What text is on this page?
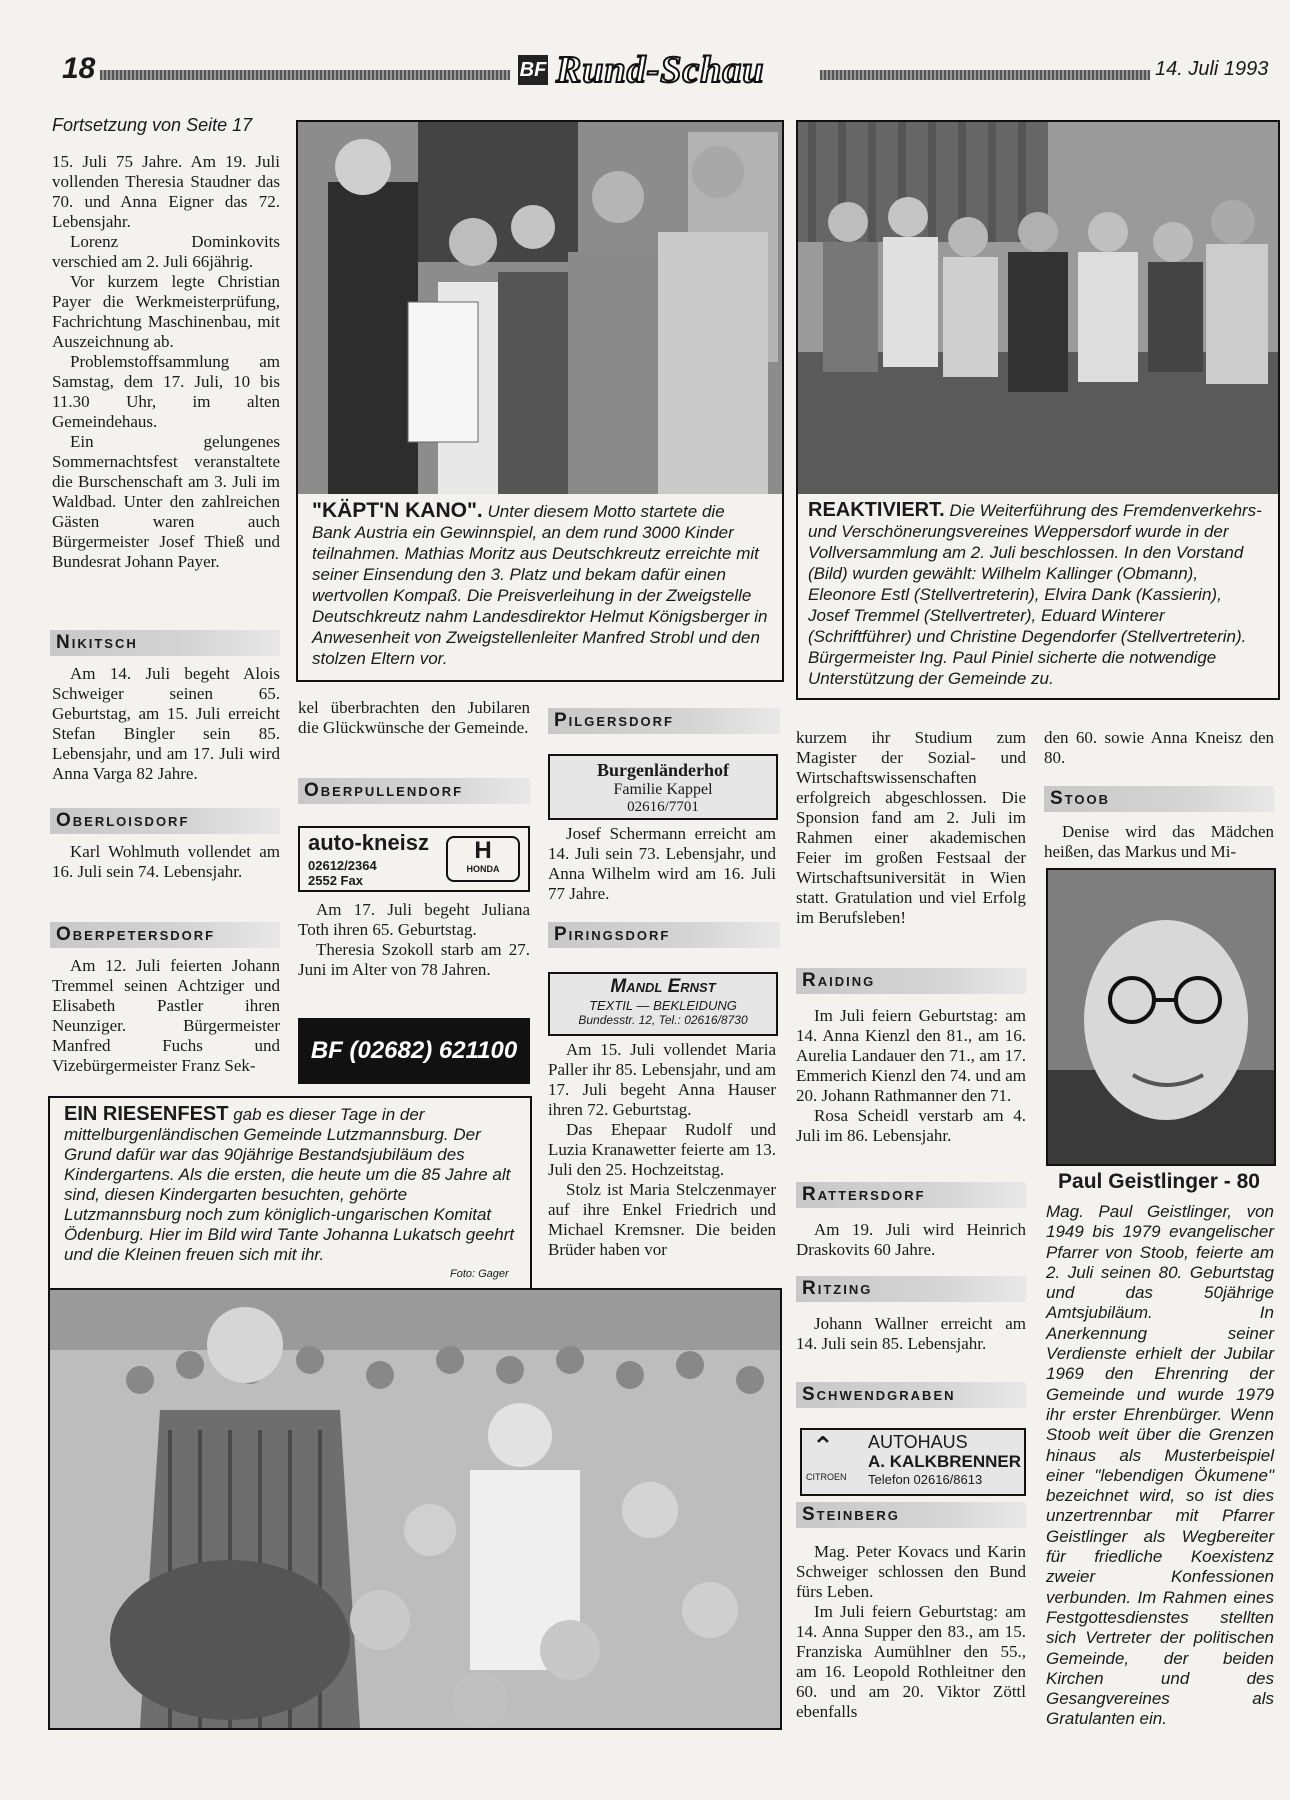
18	BF Rund-Schau	14. Juli 1993
Fortsetzung von Seite 17

15. Juli 75 Jahre. Am 19. Juli vollenden Theresia Staudner das 70. und Anna Eigner das 72. Lebensjahr.

Lorenz Dominkovits verschied am 2. Juli 66jährig.

Vor kurzem legte Christian Payer die Werkmeisterprüfung, Fachrichtung Maschinenbau, mit Auszeichnung ab.

Problemstoffsammlung am Samstag, dem 17. Juli, 10 bis 11.30 Uhr, im alten Gemeindehaus.

Ein gelungenes Sommernachtsfest veranstaltete die Burschenschaft am 3. Juli im Waldbad. Unter den zahlreichen Gästen waren auch Bürgermeister Josef Thieß und Bundesrat Johann Payer.

Nikitsch

Am 14. Juli begeht Alois Schweiger seinen 65. Geburtstag, am 15. Juli erreicht Stefan Bingler sein 85. Lebensjahr, und am 17. Juli wird Anna Varga 82 Jahre.

Oberloisdorf

Karl Wohlmuth vollendet am 16. Juli sein 74. Lebensjahr.

Oberpetersdorf

Am 12. Juli feierten Johann Tremmel seinen Achtziger und Elisabeth Pastler ihren Neunziger. Bürgermeister Manfred Fuchs und Vizebürgermeister Franz Sek-

"KÄPT'N KANO". Unter diesem Motto startete die Bank Austria ein Gewinnspiel, an dem rund 3000 Kinder teilnahmen. Mathias Moritz aus Deutschkreutz erreichte mit seiner Einsendung den 3. Platz und bekam dafür einen wertvollen Kompaß. Die Preisverleihung in der Zweigstelle Deutschkreutz nahm Landesdirektor Helmut Königsberger in Anwesenheit von Zweigstellenleiter Manfred Strobl und den stolzen Eltern vor.
REAKTIVIERT. Die Weiterführung des Fremdenverkehrs- und Verschönerungsvereines Weppersdorf wurde in der Vollversammlung am 2. Juli beschlossen. In den Vorstand (Bild) wurden gewählt: Wilhelm Kallinger (Obmann), Eleonore Estl (Stellvertreterin), Elvira Dank (Kassierin), Josef Tremmel (Stellvertreter), Eduard Winterer (Schriftführer) und Christine Degendorfer (Stellvertreterin). Bürgermeister Ing. Paul Piniel sicherte die notwendige Unterstützung der Gemeinde zu.

kel überbrachten den Jubilaren die Glückwünsche der Gemeinde.

Oberpullendorf
auto-kneisz
02612/2364
2552 Fax
H
HONDA

Am 17. Juli begeht Juliana Toth ihren 65. Geburtstag.

Theresia Szokoll starb am 27. Juni im Alter von 78 Jahren.

BF (02682) 621100
Pilgersdorf
Burgenländerhof
Familie Kappel
02616/7701

Josef Schermann erreicht am 14. Juli sein 73. Lebensjahr, und Anna Wilhelm wird am 16. Juli 77 Jahre.

Piringsdorf
Mandl Ernst
TEXTIL — BEKLEIDUNG
Bundesstr. 12, Tel.: 02616/8730

Am 15. Juli vollendet Maria Paller ihr 85. Lebensjahr, und am 17. Juli begeht Anna Hauser ihren 72. Geburtstag.

Das Ehepaar Rudolf und Luzia Kranawetter feierte am 13. Juli den 25. Hochzeitstag.

Stolz ist Maria Stelczenmayer auf ihre Enkel Friedrich und Michael Kremsner. Die beiden Brüder haben vor

EIN RIESENFEST gab es dieser Tage in der mittelburgenländischen Gemeinde Lutzmannsburg. Der Grund dafür war das 90jährige Bestandsjubiläum des Kindergartens. Als die ersten, die heute um die 85 Jahre alt sind, diesen Kindergarten besuchten, gehörte Lutzmannsburg noch zum königlich-ungarischen Komitat Ödenburg. Hier im Bild wird Tante Johanna Lukatsch geehrt und die Kleinen freuen sich mit ihr.
Foto: Gager

kurzem ihr Studium zum Magister der Sozial- und Wirtschaftswissenschaften erfolgreich abgeschlossen. Die Sponsion fand am 2. Juli im Rahmen einer akademischen Feier im großen Festsaal der Wirtschaftsuniversität in Wien statt. Gratulation und viel Erfolg im Berufsleben!

Raiding

Im Juli feiern Geburtstag: am 14. Anna Kienzl den 81., am 16. Aurelia Landauer den 71., am 17. Emmerich Kienzl den 74. und am 20. Johann Rathmanner den 71.

Rosa Scheidl verstarb am 4. Juli im 86. Lebensjahr.

Rattersdorf

Am 19. Juli wird Heinrich Draskovits 60 Jahre.

Ritzing

Johann Wallner erreicht am 14. Juli sein 85. Lebensjahr.

Schwendgraben
⌃
CITROEN
AUTOHAUS
A. KALKBRENNER
Telefon 02616/8613
Steinberg

Mag. Peter Kovacs und Karin Schweiger schlossen den Bund fürs Leben.

Im Juli feiern Geburtstag: am 14. Anna Supper den 83., am 15. Franziska Aumühlner den 55., am 16. Leopold Rothleitner den 60. und am 20. Viktor Zöttl ebenfalls

den 60. sowie Anna Kneisz den 80.

Stoob

Denise wird das Mädchen heißen, das Markus und Mi-

Paul Geistlinger - 80
Mag. Paul Geistlinger, von 1949 bis 1979 evangelischer Pfarrer von Stoob, feierte am 2. Juli seinen 80. Geburtstag und das 50jährige Amtsjubiläum. In Anerkennung seiner Verdienste erhielt der Jubilar 1969 den Ehrenring der Gemeinde und wurde 1979 ihr erster Ehrenbürger. Wenn Stoob weit über die Grenzen hinaus als Musterbeispiel einer "lebendigen Ökumene" bezeichnet wird, so ist dies unzertrennbar mit Pfarrer Geistlinger als Wegbereiter für friedliche Koexistenz zweier Konfessionen verbunden. Im Rahmen eines Festgottesdienstes stellten sich Vertreter der politischen Gemeinde, der beiden Kirchen und des Gesangvereines als Gratulanten ein.
